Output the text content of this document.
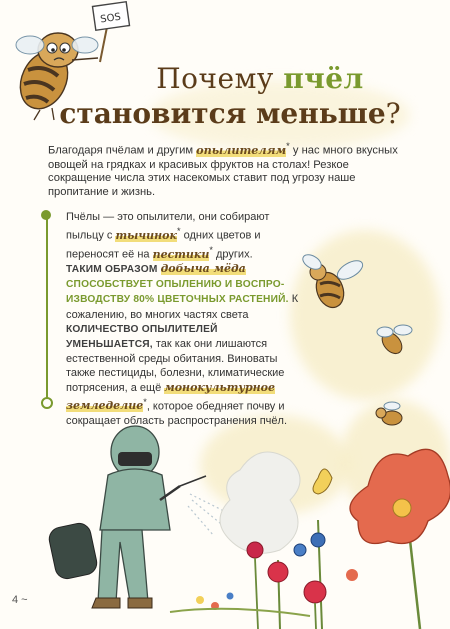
SOS
Почему пчёл
становится меньше?
Благодаря пчёлам и другим опылителям* у нас много вкусных овощей на грядках и красивых фруктов на столах! Резкое сокращение числа этих насекомых ставит под угрозу наше пропитание и жизнь.
Пчёлы — это опылители, они собирают пыльцу с тычинок* одних цветов и переносят её на пестики* других.
ТАКИМ ОБРАЗОМ добыча мёда СПОСОБСТВУЕТ ОПЫЛЕНИЮ И ВОСПРО-ИЗВОДСТВУ 80% ЦВЕТОЧНЫХ РАСТЕНИЙ. К сожалению, во многих частях света КОЛИЧЕСТВО ОПЫЛИТЕЛЕЙ УМЕНЬШАЕТСЯ, так как они лишаются естественной среды обитания. Виноваты также пестициды, болезни, климатические потрясения, а ещё монокультурное земледелие*, которое обедняет почву и сокращает область распространения пчёл.
4 ~
